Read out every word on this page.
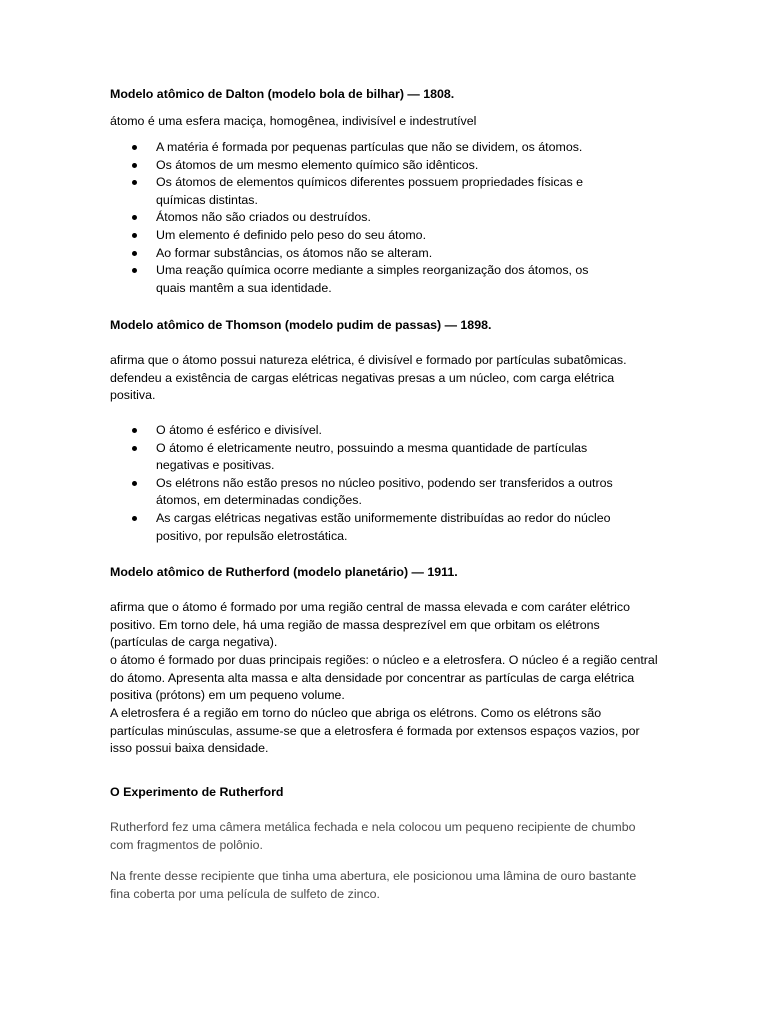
Modelo atômico de Dalton (modelo bola de bilhar) — 1808.

átomo é uma esfera maciça, homogênea, indivisível e indestrutível

A matéria é formada por pequenas partículas que não se dividem, os átomos.
Os átomos de um mesmo elemento químico são idênticos.
Os átomos de elementos químicos diferentes possuem propriedades físicas e químicas distintas.
Átomos não são criados ou destruídos.
Um elemento é definido pelo peso do seu átomo.
Ao formar substâncias, os átomos não se alteram.
Uma reação química ocorre mediante a simples reorganização dos átomos, os quais mantêm a sua identidade.
Modelo atômico de Thomson (modelo pudim de passas) — 1898.

afirma que o átomo possui natureza elétrica, é divisível e formado por partículas subatômicas. defendeu a existência de cargas elétricas negativas presas a um núcleo, com carga elétrica positiva.

O átomo é esférico e divisível.
O átomo é eletricamente neutro, possuindo a mesma quantidade de partículas negativas e positivas.
Os elétrons não estão presos no núcleo positivo, podendo ser transferidos a outros átomos, em determinadas condições.
As cargas elétricas negativas estão uniformemente distribuídas ao redor do núcleo positivo, por repulsão eletrostática.
Modelo atômico de Rutherford (modelo planetário) — 1911.

afirma que o átomo é formado por uma região central de massa elevada e com caráter elétrico positivo. Em torno dele, há uma região de massa desprezível em que orbitam os elétrons (partículas de carga negativa).

o átomo é formado por duas principais regiões: o núcleo e a eletrosfera. O núcleo é a região central do átomo. Apresenta alta massa e alta densidade por concentrar as partículas de carga elétrica positiva (prótons) em um pequeno volume.

A eletrosfera é a região em torno do núcleo que abriga os elétrons. Como os elétrons são partículas minúsculas, assume-se que a eletrosfera é formada por extensos espaços vazios, por isso possui baixa densidade.

O Experimento de Rutherford

Rutherford fez uma câmera metálica fechada e nela colocou um pequeno recipiente de chumbo com fragmentos de polônio.

Na frente desse recipiente que tinha uma abertura, ele posicionou uma lâmina de ouro bastante fina coberta por uma película de sulfeto de zinco.
